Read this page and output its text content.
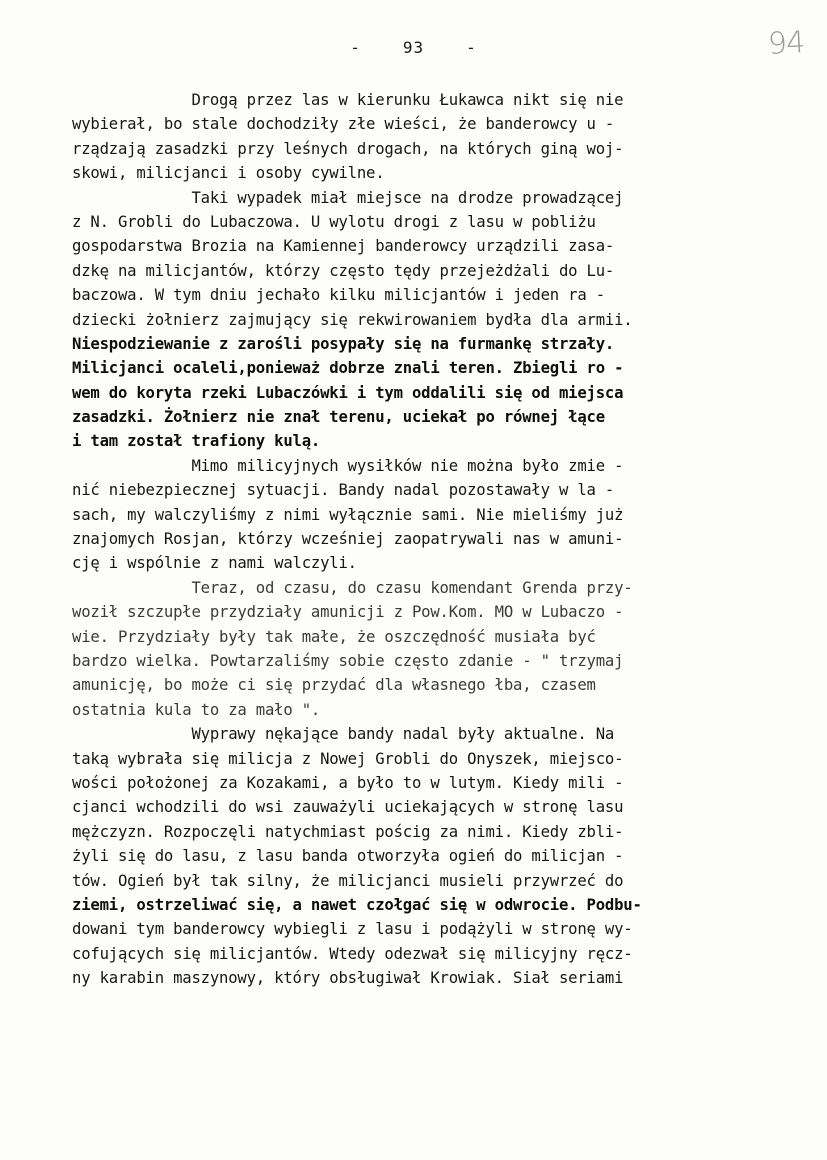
-	93	-	94
Drogą przez las w kierunku Łukawca nikt się nie
wybierał, bo stale dochodziły złe wieści, że banderowcy u -
rządzają zasadzki przy leśnych drogach, na których giną woj-
skowi, milicjanci i osoby cywilne.
Taki wypadek miał miejsce na drodze prowadzącej
z N. Grobli do Lubaczowa. U wylotu drogi z lasu w pobliżu
gospodarstwa Brozia na Kamiennej banderowcy urządzili zasa-
dzkę na milicjantów, którzy często tędy przejeżdżali do Lu-
baczowa. W tym dniu jechało kilku milicjantów i jeden ra -
dziecki żołnierz zajmujący się rekwirowaniem bydła dla armii.
Niespodziewanie z zarośli posypały się na furmankę strzały.
Milicjanci ocaleli,ponieważ dobrze znali teren. Zbiegli ro -
wem do koryta rzeki Lubaczówki i tym oddalili się od miejsca
zasadzki. Żołnierz nie znał terenu, uciekał po równej łące
i tam został trafiony kulą.
Mimo milicyjnych wysiłków nie można było zmie -
nić niebezpiecznej sytuacji. Bandy nadal pozostawały w la -
sach, my walczyliśmy z nimi wyłącznie sami. Nie mieliśmy już
znajomych Rosjan, którzy wcześniej zaopatrywali nas w amuni-
cję i wspólnie z nami walczyli.
Teraz, od czasu, do czasu komendant Grenda przy-
woził szczupłe przydziały amunicji z Pow.Kom. MO w Lubaczo -
wie. Przydziały były tak małe, że oszczędność musiała być
bardzo wielka. Powtarzaliśmy sobie często zdanie - " trzymaj
amunicję, bo może ci się przydać dla własnego łba, czasem
ostatnia kula to za mało ".
Wyprawy nękające bandy nadal były aktualne. Na
taką wybrała się milicja z Nowej Grobli do Onyszek, miejsco-
wości położonej za Kozakami, a było to w lutym. Kiedy mili -
cjanci wchodzili do wsi zauważyli uciekających w stronę lasu
mężczyzn. Rozpoczęli natychmiast pościg za nimi. Kiedy zbli-
żyli się do lasu, z lasu banda otworzyła ogień do milicjan -
tów. Ogień był tak silny, że milicjanci musieli przywrzeć do
ziemi, ostrzeliwać się, a nawet czołgać się w odwrocie. Podbu-
dowani tym banderowcy wybiegli z lasu i podążyli w stronę wy-
cofujących się milicjantów. Wtedy odezwał się milicyjny ręcz-
ny karabin maszynowy, który obsługiwał Krowiak. Siał seriami
